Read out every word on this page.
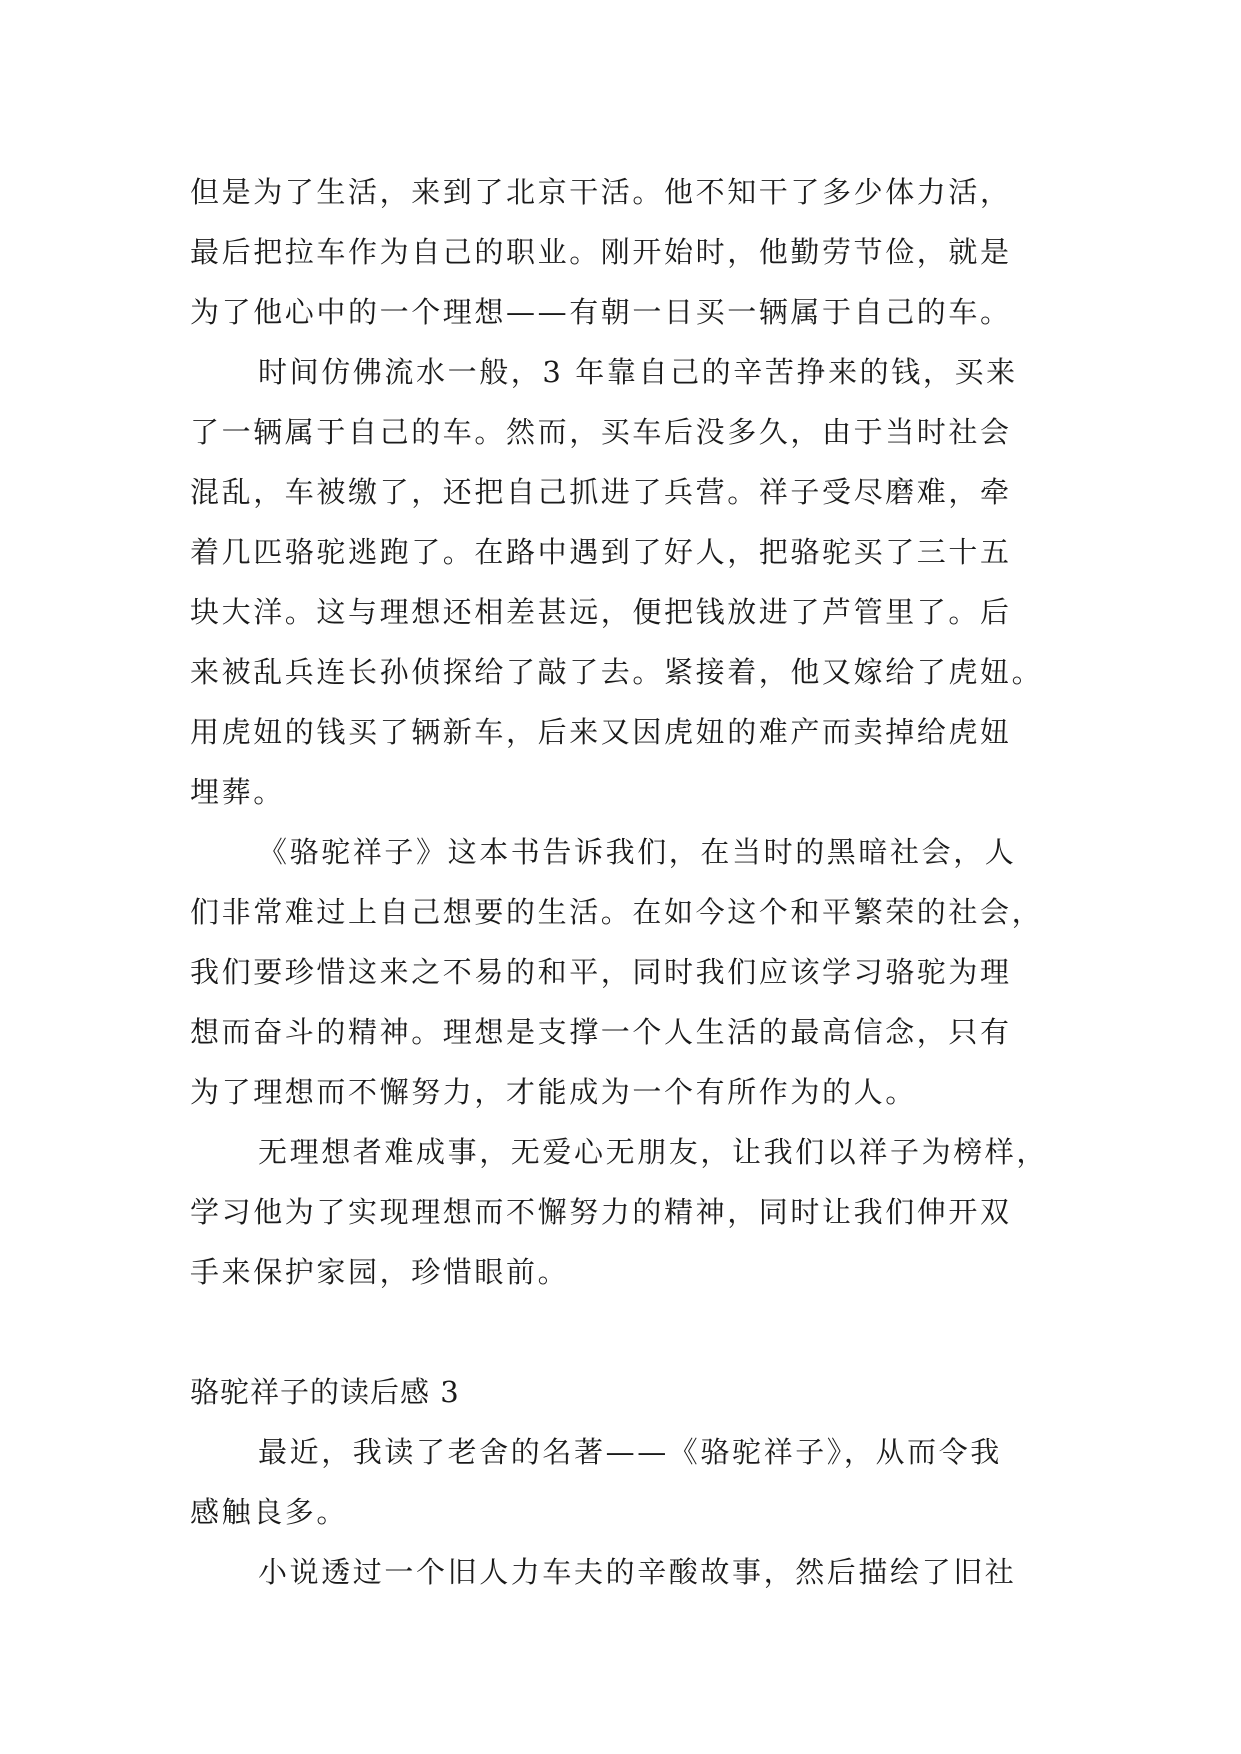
但是为了生活，来到了北京干活。他不知干了多少体力活，
最后把拉车作为自己的职业。刚开始时，他勤劳节俭，就是
为了他心中的一个理想——有朝一日买一辆属于自己的车。
时间仿佛流水一般，3 年靠自己的辛苦挣来的钱，买来
了一辆属于自己的车。然而，买车后没多久，由于当时社会
混乱，车被缴了，还把自己抓进了兵营。祥子受尽磨难，牵
着几匹骆驼逃跑了。在路中遇到了好人，把骆驼买了三十五
块大洋。这与理想还相差甚远，便把钱放进了芦管里了。后
来被乱兵连长孙侦探给了敲了去。紧接着，他又嫁给了虎妞。
用虎妞的钱买了辆新车，后来又因虎妞的难产而卖掉给虎妞
埋葬。
《骆驼祥子》这本书告诉我们，在当时的黑暗社会，人
们非常难过上自己想要的生活。在如今这个和平繁荣的社会，
我们要珍惜这来之不易的和平，同时我们应该学习骆驼为理
想而奋斗的精神。理想是支撑一个人生活的最高信念，只有
为了理想而不懈努力，才能成为一个有所作为的人。
无理想者难成事，无爱心无朋友，让我们以祥子为榜样，
学习他为了实现理想而不懈努力的精神，同时让我们伸开双
手来保护家园，珍惜眼前。
骆驼祥子的读后感 3
最近，我读了老舍的名著——《骆驼祥子》，从而令我
感触良多。
小说透过一个旧人力车夫的辛酸故事，然后描绘了旧社
